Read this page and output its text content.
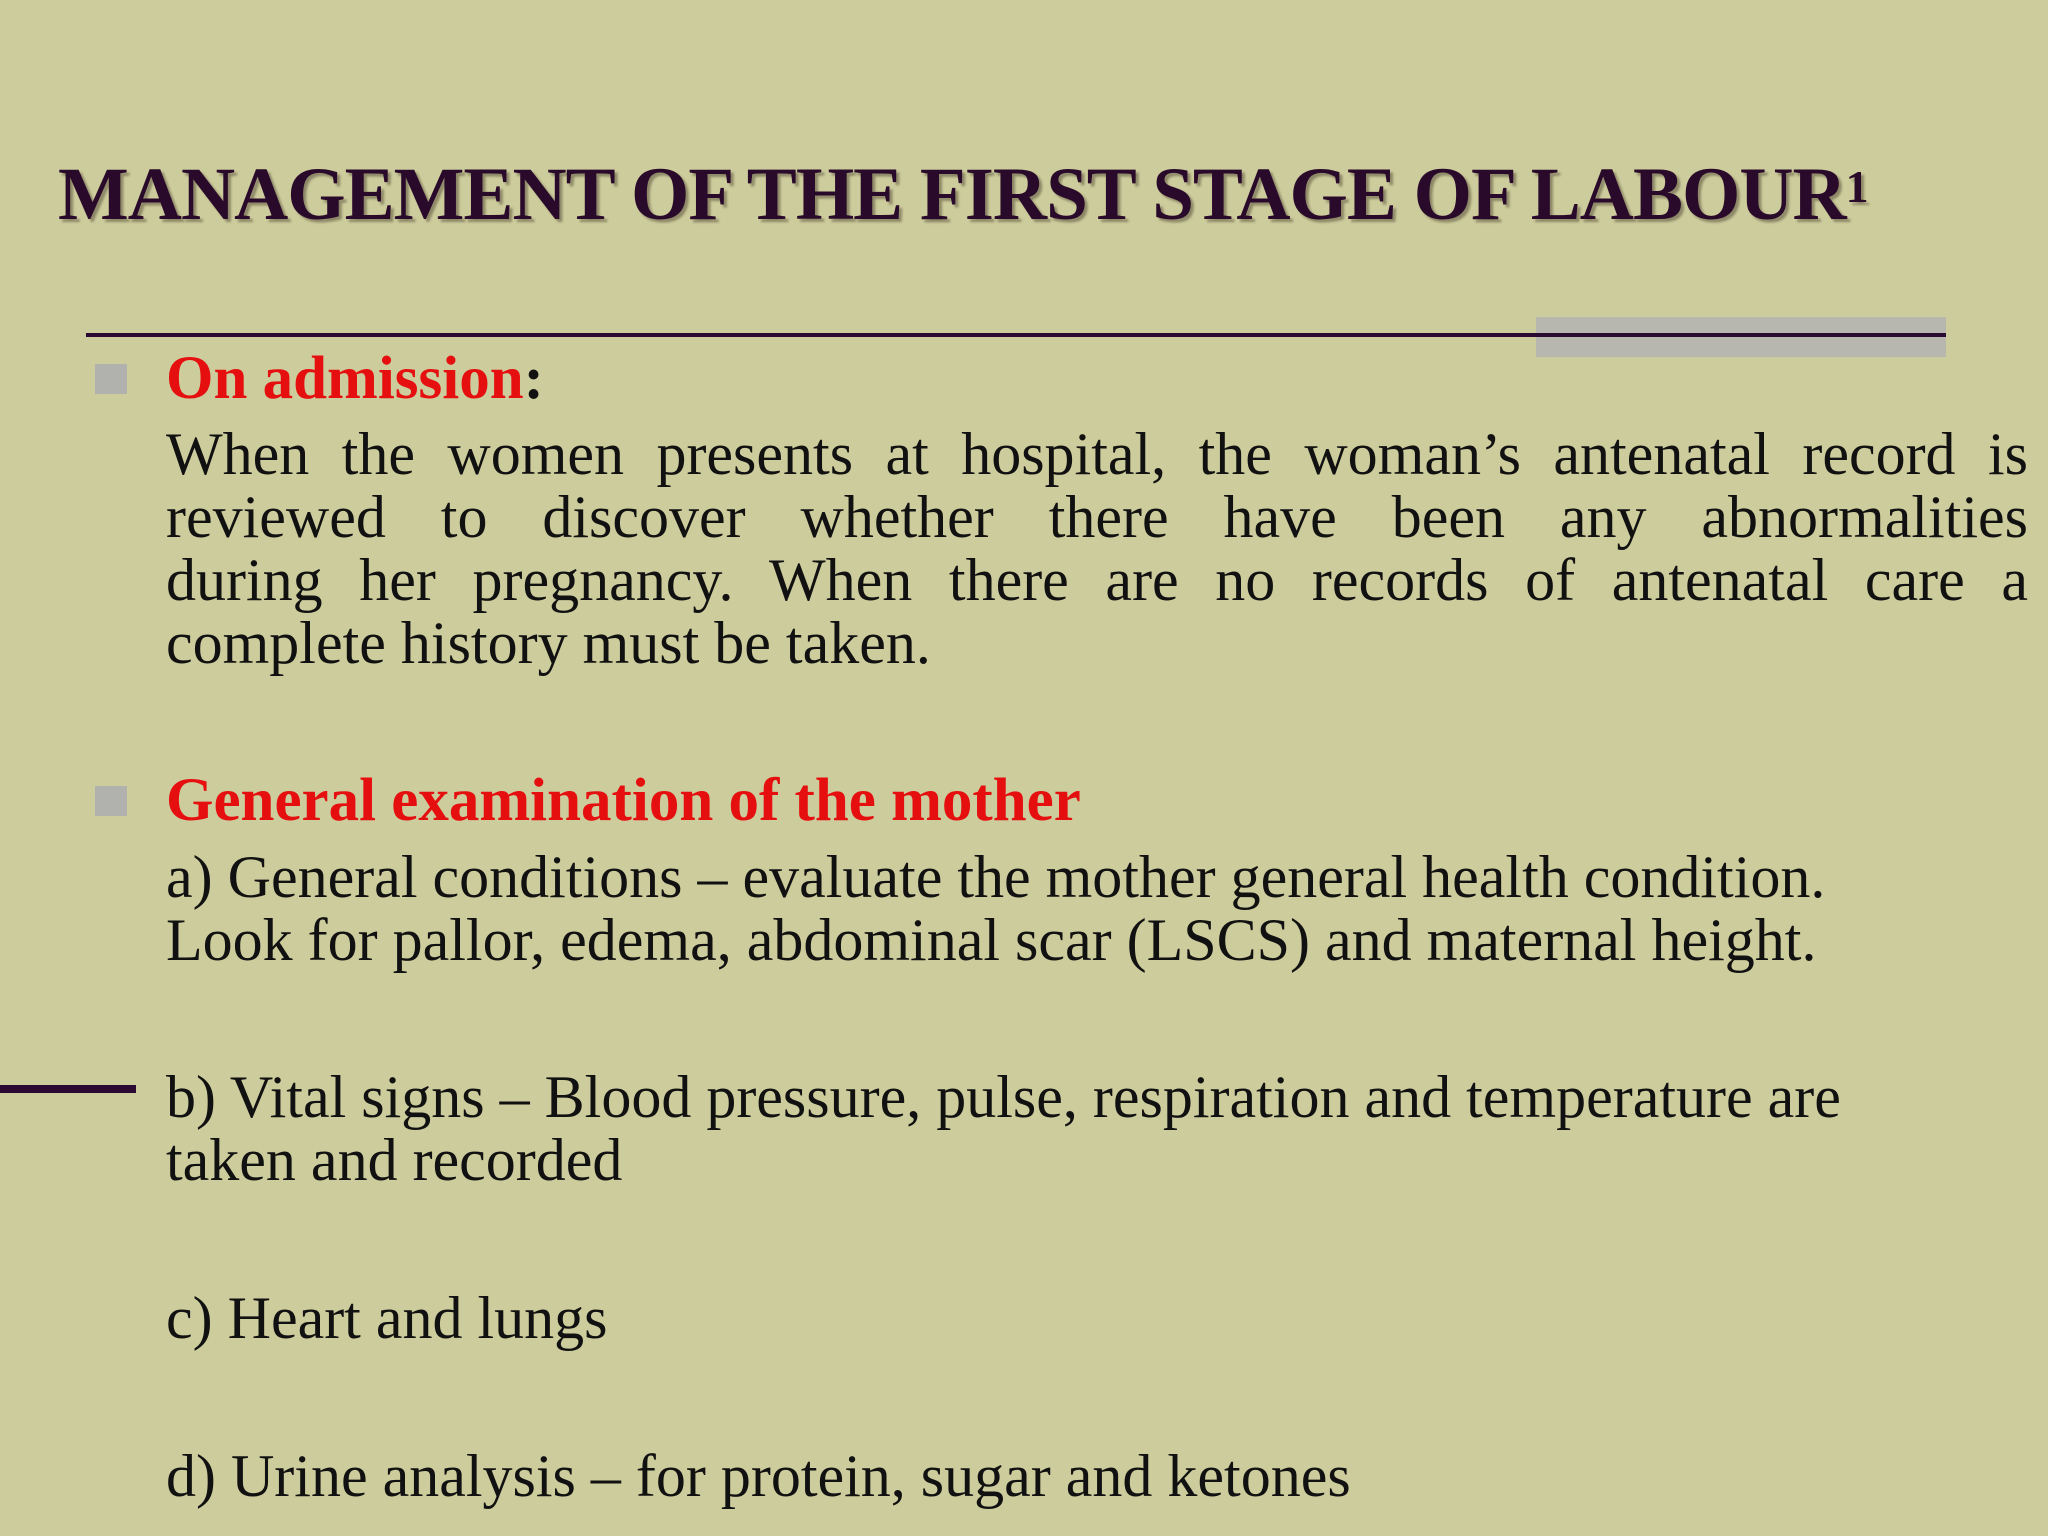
MANAGEMENT OF THE FIRST STAGE OF LABOUR$^1$
On admission:

When the women presents at hospital, the woman’s antenatal record is
reviewed to discover whether there have been any abnormalities
during her pregnancy. When there are no records of antenatal care a
complete history must be taken.

General examination of the mother

a) General conditions – evaluate the mother general health condition.
Look for pallor, edema, abdominal scar (LSCS) and maternal height.

b) Vital signs – Blood pressure, pulse, respiration and temperature are
taken and recorded

c) Heart and lungs

d) Urine analysis – for protein, sugar and ketones
